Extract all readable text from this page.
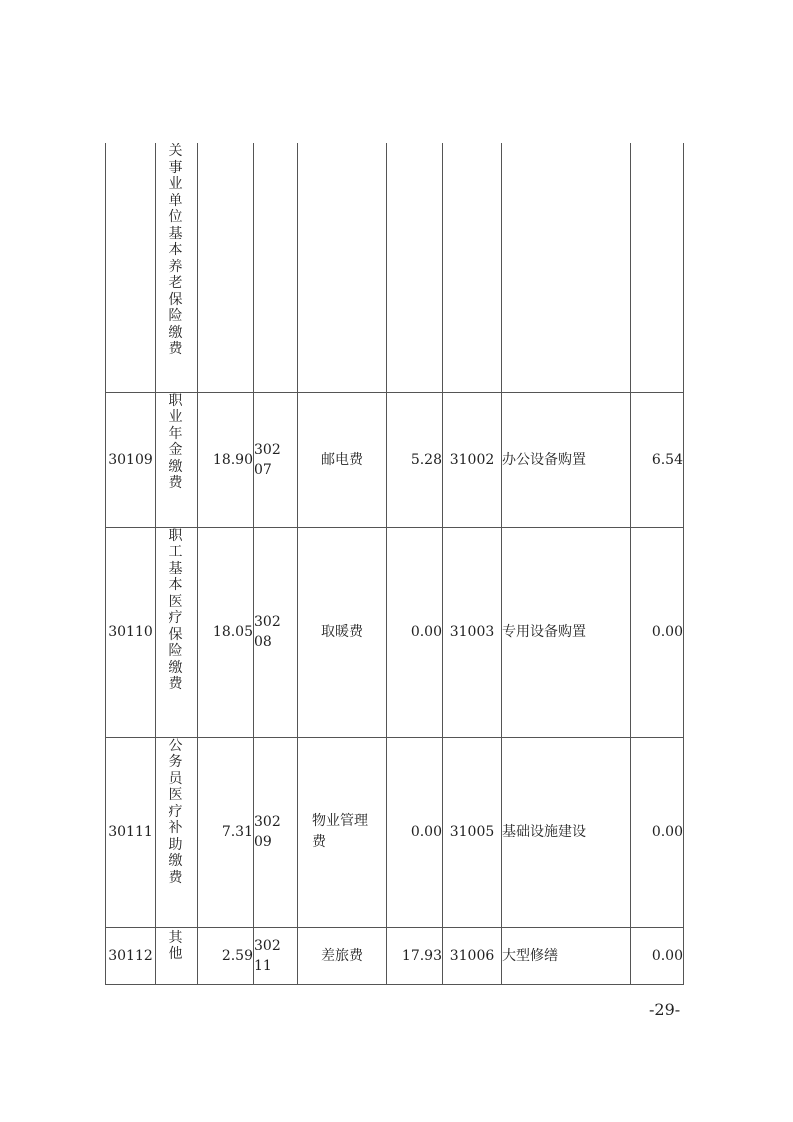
	关事业单位基本养老保险缴费							

30109	职业年金缴费	18.90	30207	邮电费	5.28	31002	办公设备购置	6.54
30110	职工基本医疗保险缴费	18.05	30208	取暖费	0.00	31003	专用设备购置	0.00
30111	公务员医疗补助缴费	7.31	30209	物业管理费	0.00	31005	基础设施建设	0.00
30112	其他	2.59	30211	差旅费	17.93	31006	大型修缮	0.00
-29-
